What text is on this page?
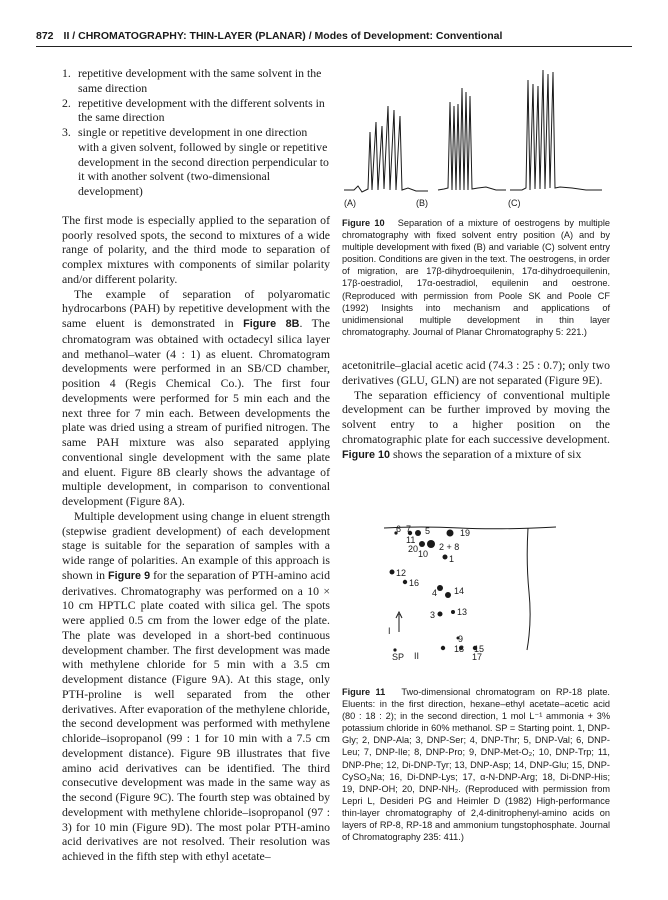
872 II / CHROMATOGRAPHY: THIN-LAYER (PLANAR) / Modes of Development: Conventional
1. repetitive development with the same solvent in the same direction
2. repetitive development with the different solvents in the same direction
3. single or repetitive development in one direction with a given solvent, followed by single or repetitive development in the second direction perpendicular to it with another solvent (two-dimensional development)

The first mode is especially applied to the separation of poorly resolved spots, the second to mixtures of a wide range of polarity, and the third mode to separation of complex mixtures with components of similar polarity and/or different polarity.

The example of separation of polyaromatic hydrocarbons (PAH) by repetitive development with the same eluent is demonstrated in Figure 8B. The chromatogram was obtained with octadecyl silica layer and methanol–water (4 : 1) as eluent. Chromatogram developments were performed in an SB/CD chamber, position 4 (Regis Chemical Co.). The first four developments were performed for 5 min each and the next three for 7 min each. Between developments the plate was dried using a stream of purified nitrogen. The same PAH mixture was also separated applying conventional single development with the same plate and eluent. Figure 8B clearly shows the advantage of multiple development, in comparison to conventional development (Figure 8A).

Multiple development using change in eluent strength (stepwise gradient development) of each development stage is suitable for the separation of samples with a wide range of polarities. An example of this approach is shown in Figure 9 for the separation of PTH-amino acid derivatives. Chromatography was performed on a 10 × 10 cm HPTLC plate coated with silica gel. The spots were applied 0.5 cm from the lower edge of the plate. The plate was developed in a short-bed continuous development chamber. The first development was made with methylene chloride for 5 min with a 3.5 cm development distance (Figure 9A). At this stage, only PTH-proline is well separated from the other derivatives. After evaporation of the methylene chloride, the second development was performed with methylene chloride–isopropanol (99 : 1 for 10 min with a 7.5 cm development distance). Figure 9B illustrates that five amino acid derivatives can be identified. The third consecutive development was made in the same way as the second (Figure 9C). The fourth step was obtained by development with methylene chloride–isopropanol (97 : 3) for 10 min (Figure 9D). The most polar PTH-amino acid derivatives are not resolved. Their resolution was achieved in the fifth step with ethyl acetate–

(A)	(B)	(C)
Figure 10 Separation of a mixture of oestrogens by multiple chromatography with fixed solvent entry position (A) and by multiple development with fixed (B) and variable (C) solvent entry position. Conditions are given in the text. The oestrogens, in order of migration, are 17β-dihydroequilenin, 17α-dihydroequilenin, 17β-oestradiol, 17α-oestradiol, equilenin and oestrone. (Reproduced with permission from Poole SK and Poole CF (1992) Insights into mechanism and applications of unidimensional multiple development in thin layer chromatography. Journal of Planar Chromatography 5: 221.)

acetonitrile–glacial acetic acid (74.3 : 25 : 0.7); only two derivatives (GLU, GLN) are not separated (Figure 9E).

The separation efficiency of conventional multiple development can be further improved by moving the solvent entry to a higher position on the chromatographic plate for each successive development. Figure 10 shows the separation of a mixture of six

6 7 5	19
11
20 10
2 + 8
1
12
16
4 14
3 13
9
18 15
I
SP II	17
Figure 11 Two-dimensional chromatogram on RP-18 plate. Eluents: in the first direction, hexane–ethyl acetate–acetic acid (80 : 18 : 2); in the second direction, 1 mol L⁻¹ ammonia + 3% potassium chloride in 60% methanol. SP = Starting point. 1, DNP-Gly; 2, DNP-Ala; 3, DNP-Ser; 4, DNP-Thr; 5, DNP-Val; 6, DNP-Leu; 7, DNP-Ile; 8, DNP-Pro; 9, DNP-Met-O₂; 10, DNP-Trp; 11, DNP-Phe; 12, Di-DNP-Tyr; 13, DNP-Asp; 14, DNP-Glu; 15, DNP-CySO₃Na; 16, Di-DNP-Lys; 17, α-N-DNP-Arg; 18, Di-DNP-His; 19, DNP-OH; 20, DNP-NH₂. (Reproduced with permission from Lepri L, Desideri PG and Heimler D (1982) High-performance thin-layer chromatography of 2,4-dinitrophenyl-amino acids on layers of RP-8, RP-18 and ammonium tungstophosphate. Journal of Chromatography 235: 411.)
